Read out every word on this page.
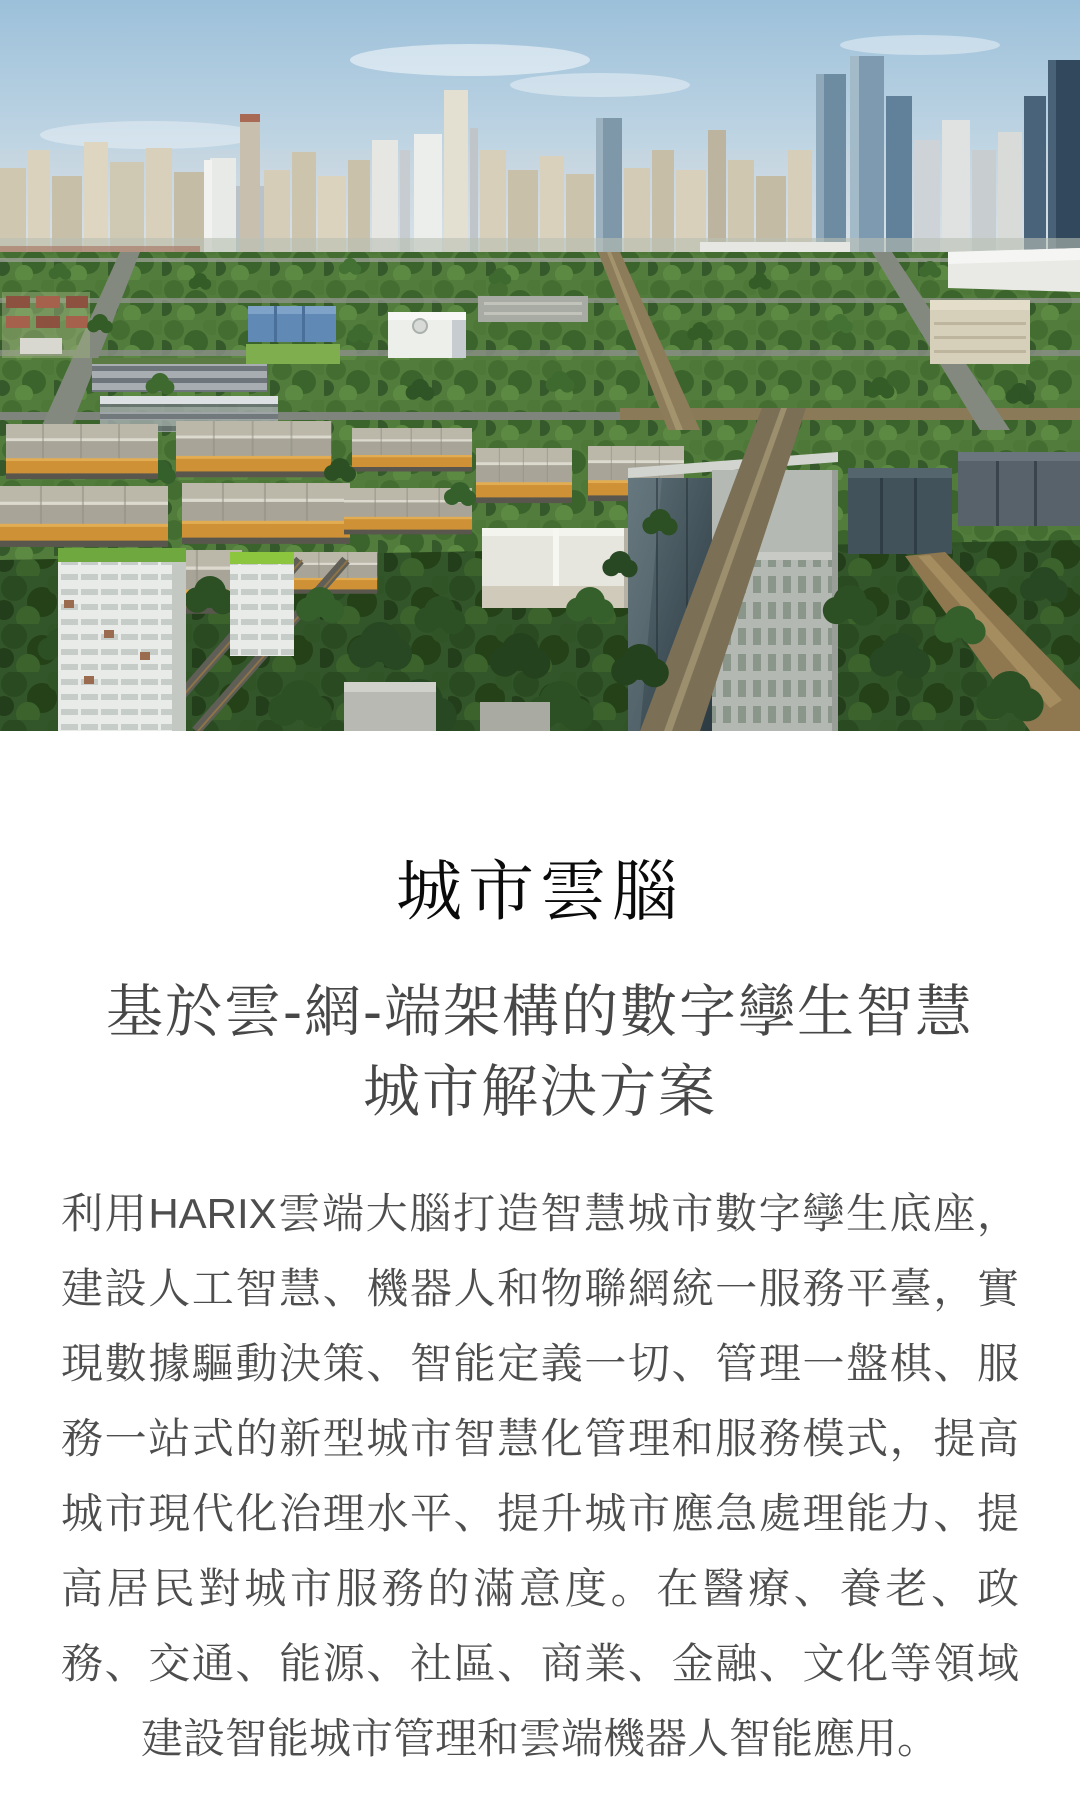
城市雲腦
基於雲-網-端架構的數字孿生智慧
城市解決方案

利用HARIX雲端大腦打造智慧城市數字孿生底座，建設人工智慧、機器人和物聯網統一服務平臺，實現數據驅動決策、智能定義一切、管理一盤棋、服務一站式的新型城市智慧化管理和服務模式，提高城市現代化治理水平、提升城市應急處理能力、提高居民對城市服務的滿意度。在醫療、養老、政務、交通、能源、社區、商業、金融、文化等領域建設智能城市管理和雲端機器人智能應用。
